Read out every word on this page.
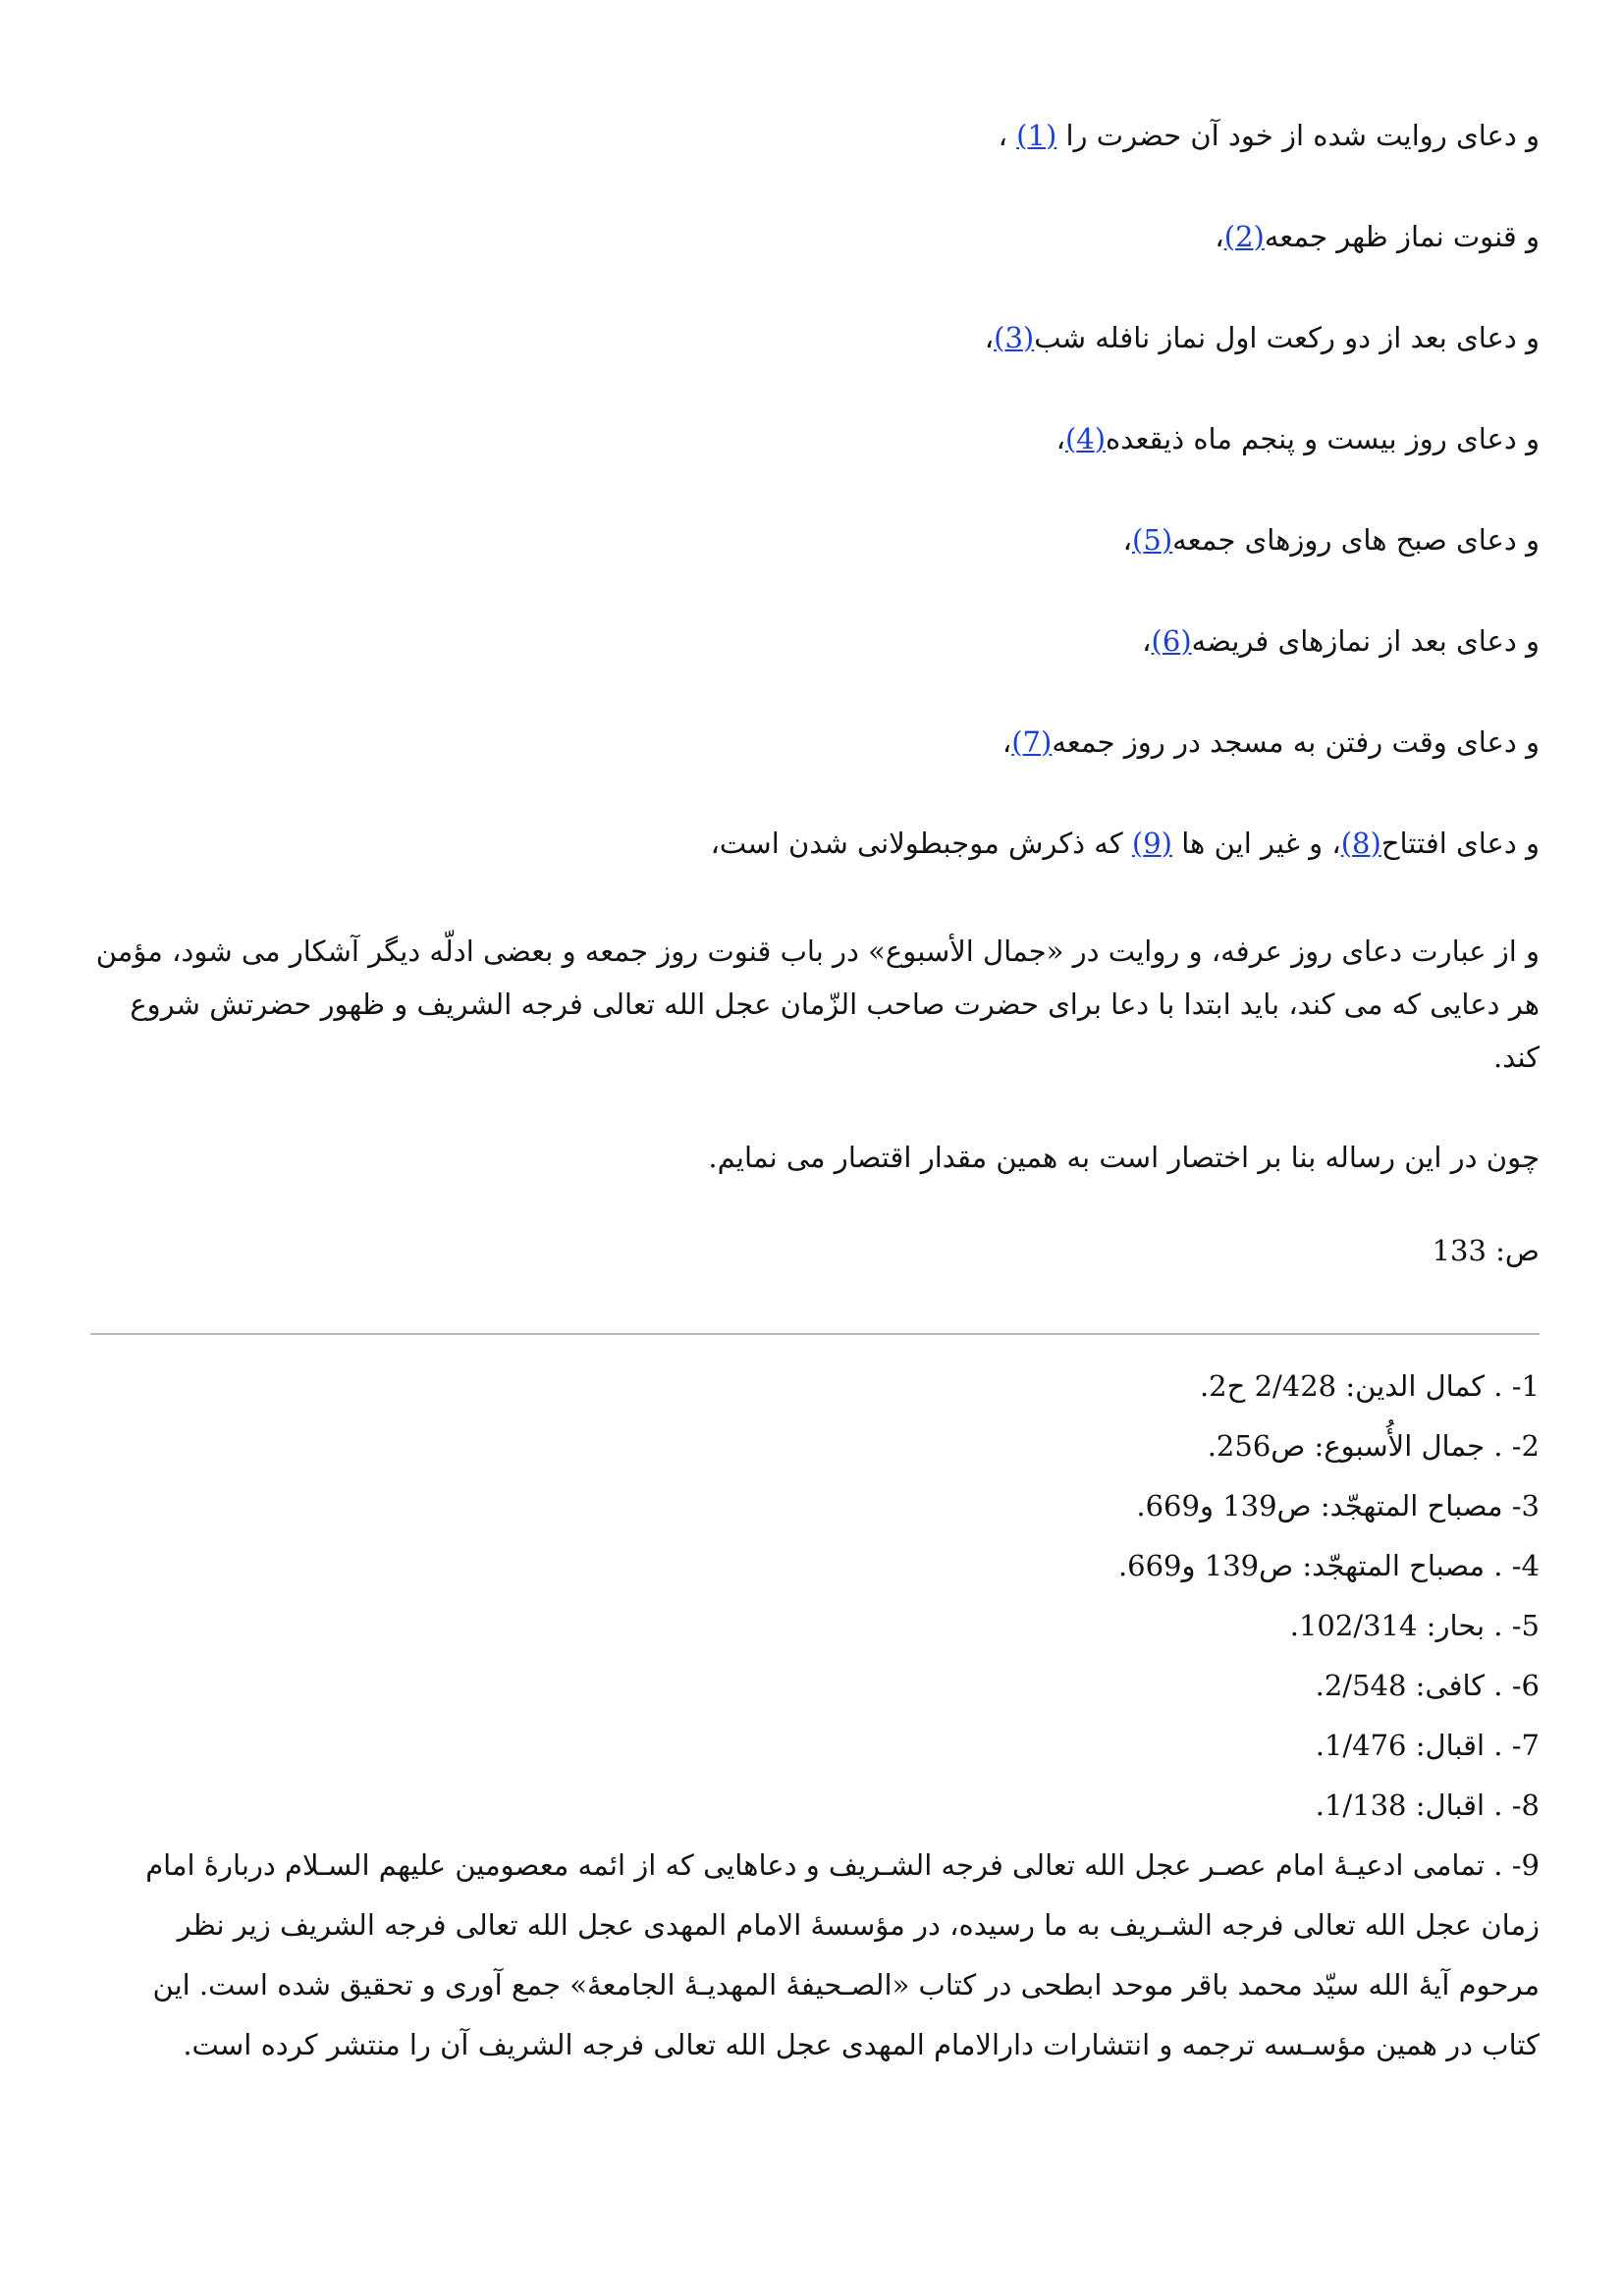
و دعای روایت شده از خود آن حضرت را (1) ،

و قنوت نماز ظهر جمعه(2)،

و دعای بعد از دو رکعت اول نماز نافله شب(3)،

و دعای روز بیست و پنجم ماه ذیقعده(4)،

و دعای صبح های روزهای جمعه(5)،

و دعای بعد از نمازهای فریضه(6)،

و دعای وقت رفتن به مسجد در روز جمعه(7)،

و دعای افتتاح(8)، و غیر این ها (9) که ذکرش موجبطولانی شدن است،

و از عبارت دعای روز عرفه، و روایت در «جمال الأسبوع» در باب قنوت روز جمعه و بعضی ادلّه دیگر آشکار می شود، مؤمن هر دعایی که می کند، باید ابتدا با دعا برای حضرت صاحب الزّمان عجل الله تعالی فرجه الشریف و ظهور حضرتش شروع کند.

چون در این رساله بنا بر اختصار است به همین مقدار اقتصار می نمایم.

ص: 133

1- . کمال الدین: 2/428 ح2.

2- . جمال الأُسبوع: ص256.

3- مصباح المتهجّد: ص139 و669.

4- . مصباح المتهجّد: ص139 و669.

5- . بحار: 102/314.

6- . کافی: 2/548.

7- . اقبال: 1/476.

8- . اقبال: 1/138.

9- . تمامی ادعیـهٔ امام عصـر عجل الله تعالی فرجه الشـریف و دعاهایی که از ائمه معصومین علیهم السـلام دربارهٔ امام زمان عجل الله تعالی فرجه الشـریف به ما رسیده، در مؤسسهٔ الامام المهدی عجل الله تعالی فرجه الشریف زیر نظر مرحوم آیهٔ الله سیّد محمد باقر موحد ابطحی در کتاب «الصـحیفهٔ المهدیـهٔ الجامعهٔ» جمع آوری و تحقیق شده است. این کتاب در همین مؤسـسه ترجمه و انتشارات دارالامام المهدی عجل الله تعالی فرجه الشریف آن را منتشر کرده است.
